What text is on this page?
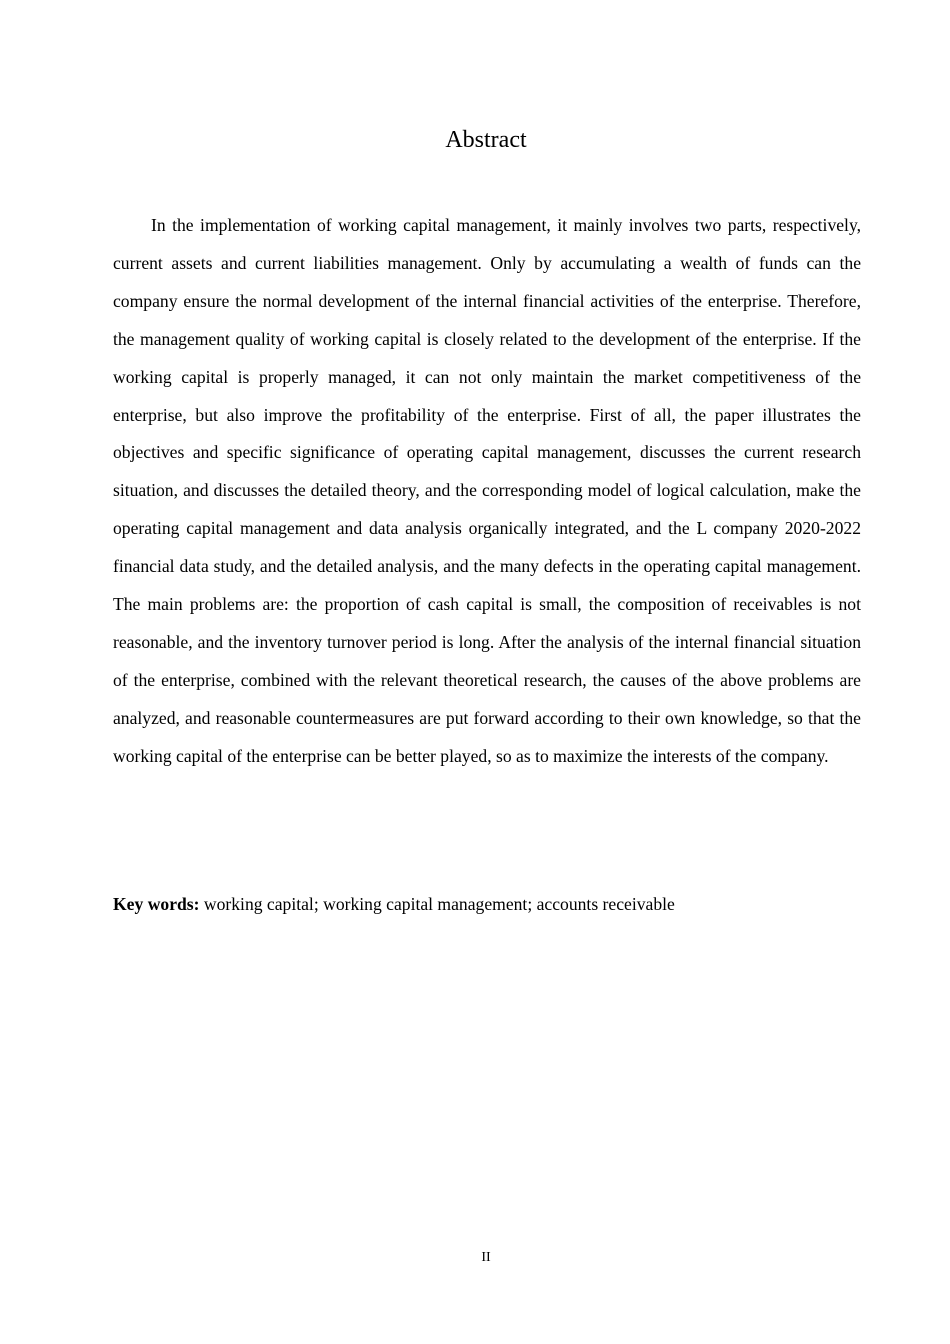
Abstract

In the implementation of working capital management, it mainly involves two parts, respectively, current assets and current liabilities management. Only by accumulating a wealth of funds can the company ensure the normal development of the internal financial activities of the enterprise. Therefore, the management quality of working capital is closely related to the development of the enterprise. If the working capital is properly managed, it can not only maintain the market competitiveness of the enterprise, but also improve the profitability of the enterprise. First of all, the paper illustrates the objectives and specific significance of operating capital management, discusses the current research situation, and discusses the detailed theory, and the corresponding model of logical calculation, make the operating capital management and data analysis organically integrated, and the L company 2020-2022 financial data study, and the detailed analysis, and the many defects in the operating capital management. The main problems are: the proportion of cash capital is small, the composition of receivables is not reasonable, and the inventory turnover period is long. After the analysis of the internal financial situation of the enterprise, combined with the relevant theoretical research, the causes of the above problems are analyzed, and reasonable countermeasures are put forward according to their own knowledge, so that the working capital of the enterprise can be better played, so as to maximize the interests of the company.

Key words: working capital; working capital management; accounts receivable

II
